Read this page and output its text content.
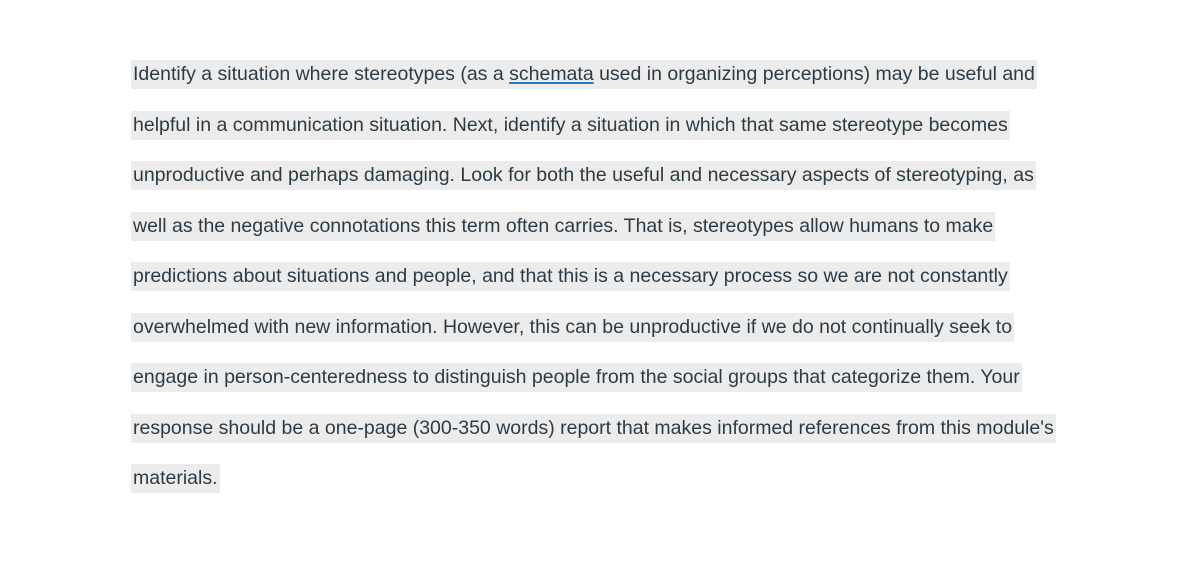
Identify a situation where stereotypes (as a schemata used in organizing perceptions) may be useful and helpful in a communication situation. Next, identify a situation in which that same stereotype becomes unproductive and perhaps damaging. Look for both the useful and necessary aspects of stereotyping, as well as the negative connotations this term often carries. That is, stereotypes allow humans to make predictions about situations and people, and that this is a necessary process so we are not constantly overwhelmed with new information. However, this can be unproductive if we do not continually seek to engage in person-centeredness to distinguish people from the social groups that categorize them. Your response should be a one-page (300-350 words) report that makes informed references from this module's materials.
